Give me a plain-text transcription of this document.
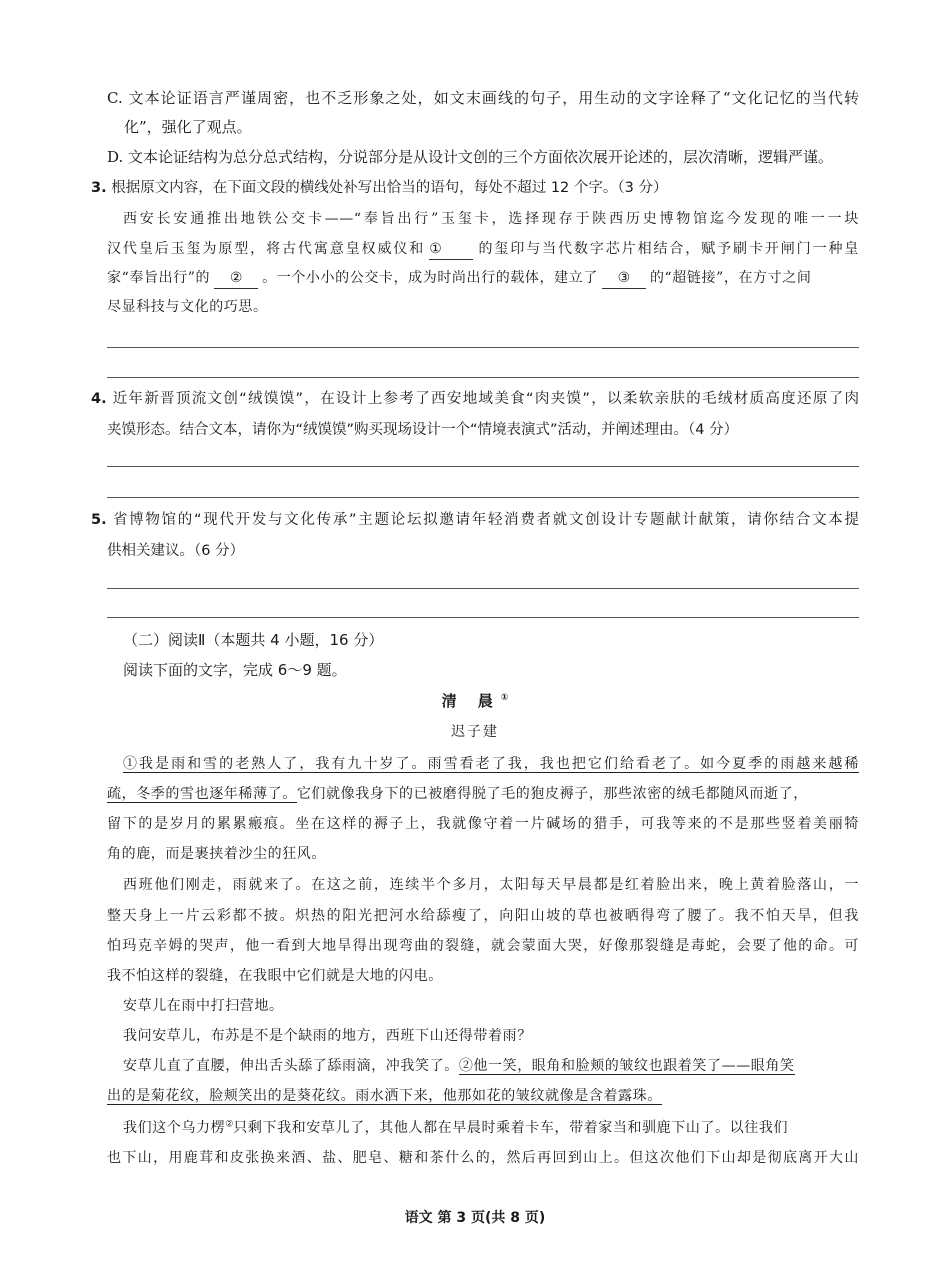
C. 文本论证语言严谨周密，也不乏形象之处，如文末画线的句子，用生动的文字诠释了“文化记忆的当代转
化”，强化了观点。
D. 文本论证结构为总分总式结构，分说部分是从设计文创的三个方面依次展开论述的，层次清晰，逻辑严谨。
3. 根据原文内容，在下面文段的横线处补写出恰当的语句，每处不超过 12 个字。（3 分）
西安长安通推出地铁公交卡——“奉旨出行”玉玺卡，选择现存于陕西历史博物馆迄今发现的唯一一块
汉代皇后玉玺为原型，将古代寓意皇权威仪和 ①	的玺印与当代数字芯片相结合，赋予刷卡开闸门一种皇
家“奉旨出行”的 ② 。一个小小的公交卡，成为时尚出行的载体，建立了 ③ 的“超链接”，在方寸之间
尽显科技与文化的巧思。
4. 近年新晋顶流文创“绒馍馍”，在设计上参考了西安地域美食“肉夹馍”，以柔软亲肤的毛绒材质高度还原了肉
夹馍形态。结合文本，请你为“绒馍馍”购买现场设计一个“情境表演式”活动，并阐述理由。（4 分）
5. 省博物馆的“现代开发与文化传承”主题论坛拟邀请年轻消费者就文创设计专题献计献策，请你结合文本提
供相关建议。（6 分）
（二）阅读Ⅱ（本题共 4 小题，16 分）
阅读下面的文字，完成 6～9 题。
清 晨①
迟子建
①我是雨和雪的老熟人了，我有九十岁了。雨雪看老了我，我也把它们给看老了。如今夏季的雨越来越稀
疏，冬季的雪也逐年稀薄了。它们就像我身下的已被磨得脱了毛的狍皮褥子，那些浓密的绒毛都随风而逝了，
留下的是岁月的累累瘢痕。坐在这样的褥子上，我就像守着一片碱场的猎手，可我等来的不是那些竖着美丽犄
角的鹿，而是裹挟着沙尘的狂风。
西班他们刚走，雨就来了。在这之前，连续半个多月，太阳每天早晨都是红着脸出来，晚上黄着脸落山，一
整天身上一片云彩都不披。炽热的阳光把河水给舔瘦了，向阳山坡的草也被晒得弯了腰了。我不怕天旱，但我
怕玛克辛姆的哭声，他一看到大地旱得出现弯曲的裂缝，就会蒙面大哭，好像那裂缝是毒蛇，会要了他的命。可
我不怕这样的裂缝，在我眼中它们就是大地的闪电。
安草儿在雨中打扫营地。
我问安草儿，布苏是不是个缺雨的地方，西班下山还得带着雨？
安草儿直了直腰，伸出舌头舔了舔雨滴，冲我笑了。②他一笑，眼角和脸颊的皱纹也跟着笑了——眼角笑
出的是菊花纹，脸颊笑出的是葵花纹。雨水洒下来，他那如花的皱纹就像是含着露珠。
我们这个乌力楞②只剩下我和安草儿了，其他人都在早晨时乘着卡车，带着家当和驯鹿下山了。以往我们
也下山，用鹿茸和皮张换来酒、盐、肥皂、糖和茶什么的，然后再回到山上。但这次他们下山却是彻底离开大山
语文 第 3 页(共 8 页)
